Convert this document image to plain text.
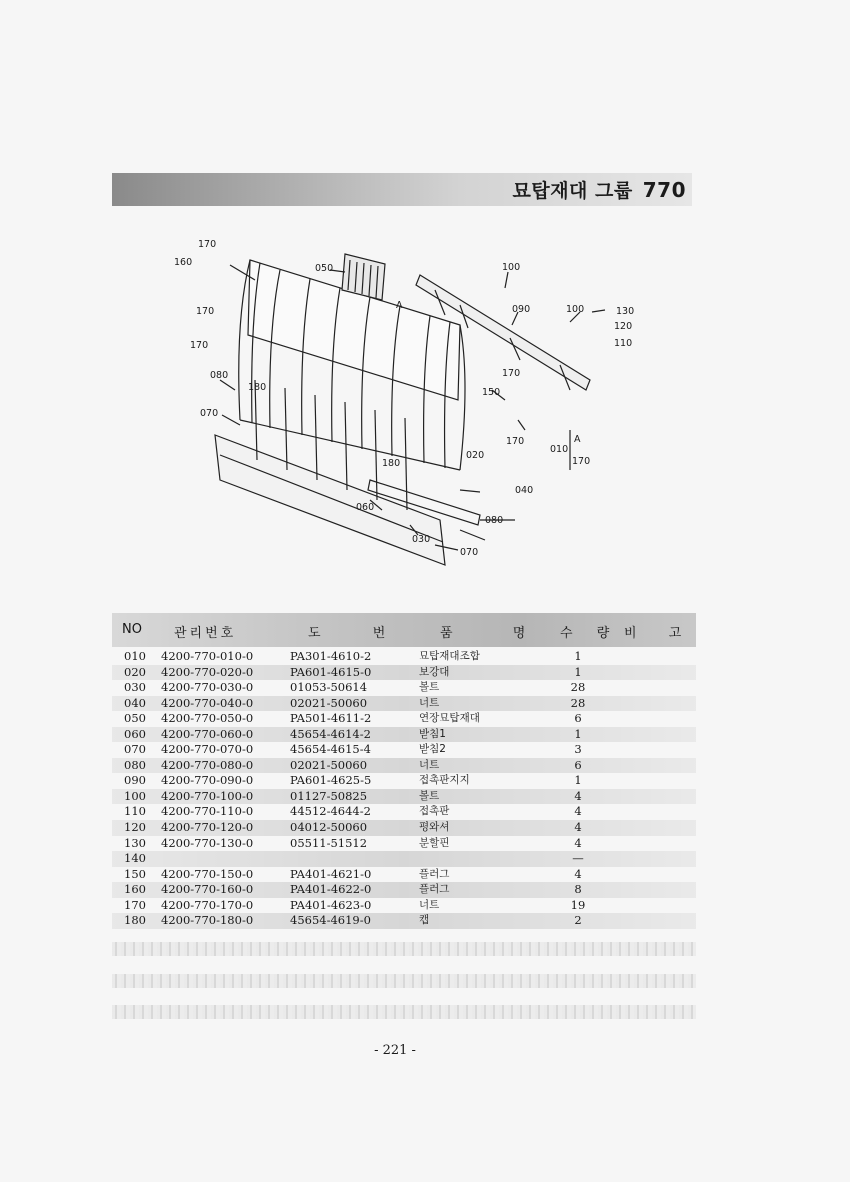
묘탑재대 그룹 770
170
160
170
170
050	100
090	100	130
120
110
080
180
070
150
170
170
010
A
170
020
180
040
060
030
080
070
A
NO 관리번호	도 번 품 명 수 량 비 고
010 4200-770-010-0	PA301-4610-2	묘탑재대조합	1
020 4200-770-020-0	PA601-4615-0	보강대	1
030 4200-770-030-0	01053-50614	볼트	28
040 4200-770-040-0	02021-50060	너트	28
050 4200-770-050-0	PA501-4611-2	연장묘탑재대	6
060 4200-770-060-0	45654-4614-2	받침1	1
070 4200-770-070-0	45654-4615-4	받침2	3
080 4200-770-080-0	02021-50060	너트	6
090 4200-770-090-0	PA601-4625-5	접촉판지지	1
100 4200-770-100-0	01127-50825	볼트	4
110 4200-770-110-0	44512-4644-2	접촉판	4
120 4200-770-120-0	04012-50060	평와셔	4
130 4200-770-130-0	05511-51512	분할핀	4
140	—
150 4200-770-150-0	PA401-4621-0	플러그	4
160 4200-770-160-0	PA401-4622-0	플러그	8
170 4200-770-170-0	PA401-4623-0	너트	19
180 4200-770-180-0	45654-4619-0	캡	2
- 221 -
